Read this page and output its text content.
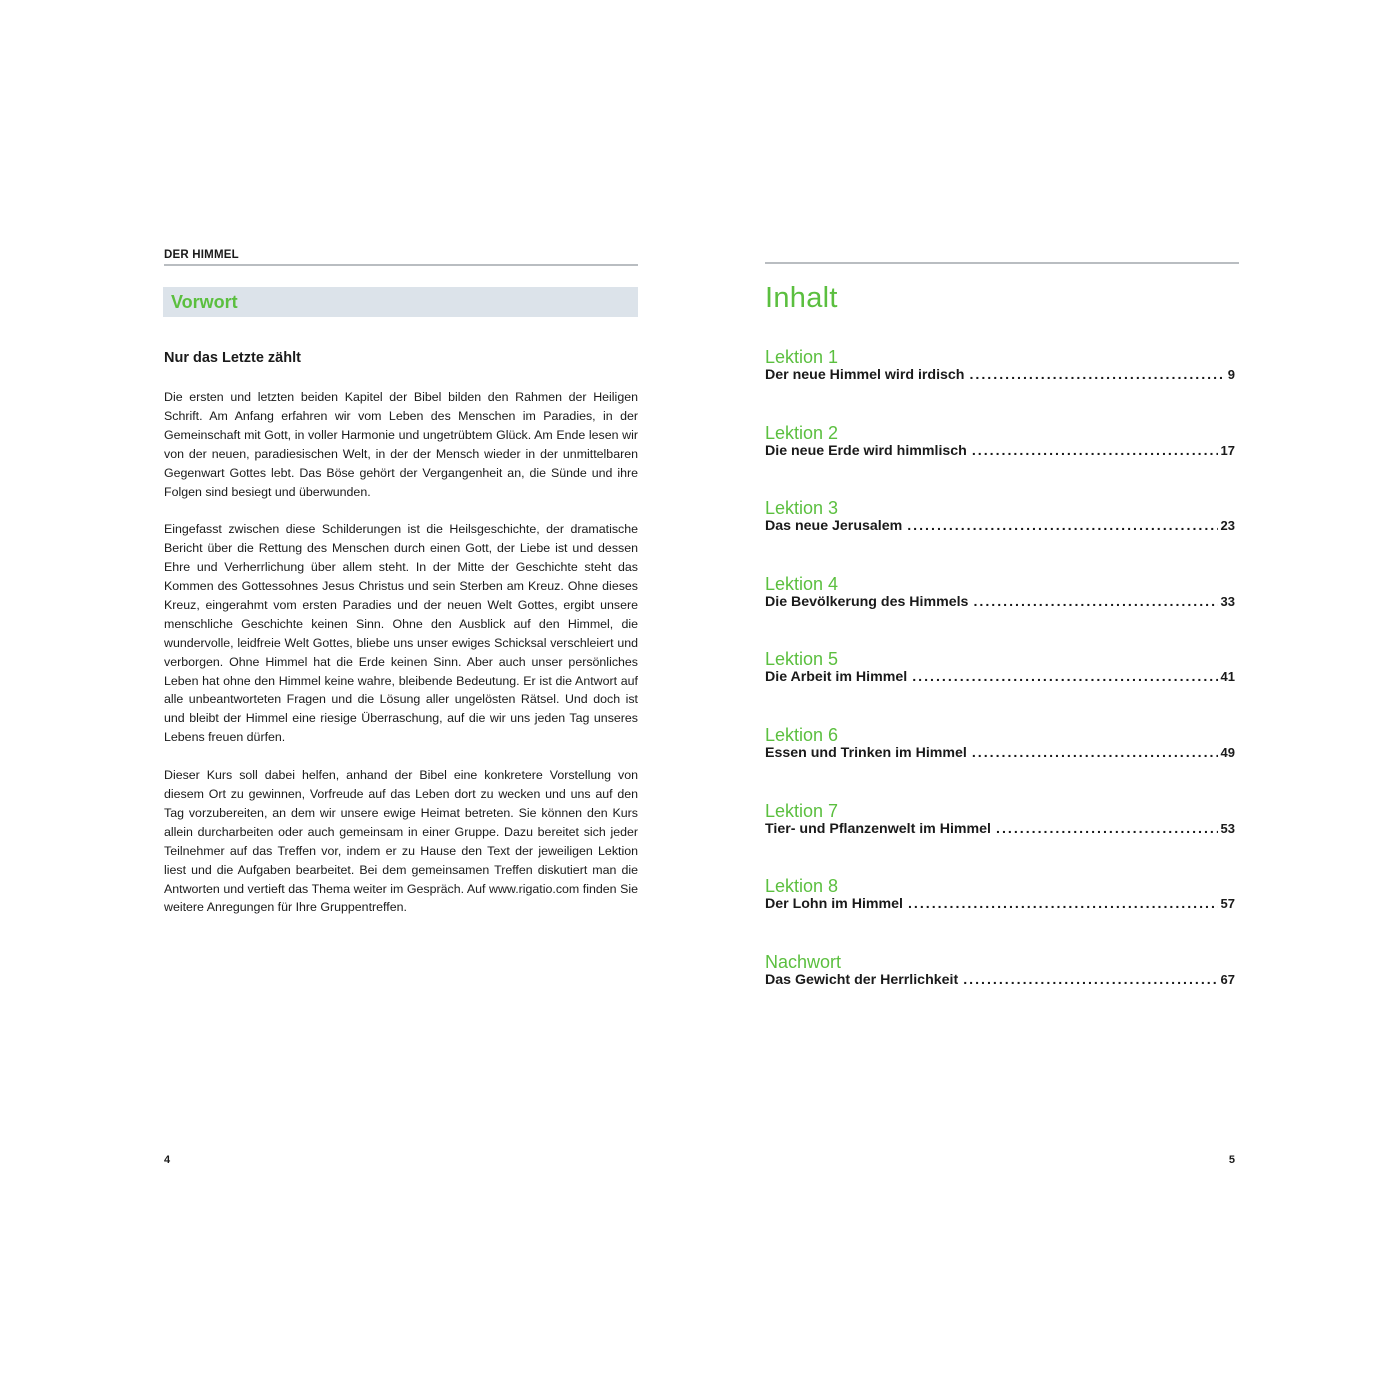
DER HIMMEL
Vorwort
Nur das Letzte zählt

Die ersten und letzten beiden Kapitel der Bibel bilden den Rahmen der Heiligen Schrift. Am Anfang erfahren wir vom Leben des Menschen im Paradies, in der Gemeinschaft mit Gott, in voller Harmonie und ungetrübtem Glück. Am Ende lesen wir von der neuen, paradiesischen Welt, in der der Mensch wieder in der unmittelbaren Gegenwart Gottes lebt. Das Böse gehört der Vergangenheit an, die Sünde und ihre Folgen sind besiegt und überwunden.

Eingefasst zwischen diese Schilderungen ist die Heilsgeschichte, der dramatische Bericht über die Rettung des Menschen durch einen Gott, der Liebe ist und dessen Ehre und Verherrlichung über allem steht. In der Mitte der Geschichte steht das Kommen des Gottessohnes Jesus Christus und sein Sterben am Kreuz. Ohne dieses Kreuz, eingerahmt vom ersten Paradies und der neuen Welt Gottes, ergibt unsere menschliche Geschichte keinen Sinn. Ohne den Ausblick auf den Himmel, die wundervolle, leidfreie Welt Gottes, bliebe uns unser ewiges Schicksal verschleiert und verborgen. Ohne Himmel hat die Erde keinen Sinn. Aber auch unser persönliches Leben hat ohne den Himmel keine wahre, bleibende Bedeutung. Er ist die Antwort auf alle unbeantworteten Fragen und die Lösung aller ungelösten Rätsel. Und doch ist und bleibt der Himmel eine riesige Überraschung, auf die wir uns jeden Tag unseres Lebens freuen dürfen.

Dieser Kurs soll dabei helfen, anhand der Bibel eine konkretere Vorstellung von diesem Ort zu gewinnen, Vorfreude auf das Leben dort zu wecken und uns auf den Tag vorzubereiten, an dem wir unsere ewige Heimat betreten. Sie können den Kurs allein durcharbeiten oder auch gemeinsam in einer Gruppe. Dazu bereitet sich jeder Teilnehmer auf das Treffen vor, indem er zu Hause den Text der jeweiligen Lektion liest und die Aufgaben bearbeitet. Bei dem gemeinsamen Treffen diskutiert man die Antworten und vertieft das Thema weiter im Gespräch. Auf www.rigatio.com finden Sie weitere Anregungen für Ihre Gruppentreffen.

4
Inhalt
Lektion 1
Der neue Himmel wird irdisch .....	9
Lektion 2
Die neue Erde wird himmlisch .....	17
Lektion 3
Das neue Jerusalem .....	23
Lektion 4
Die Bevölkerung des Himmels .....	33
Lektion 5
Die Arbeit im Himmel .....	41
Lektion 6
Essen und Trinken im Himmel .....	49
Lektion 7
Tier- und Pflanzenwelt im Himmel .....	53
Lektion 8
Der Lohn im Himmel .....	57
Nachwort
Das Gewicht der Herrlichkeit .....	67
5
